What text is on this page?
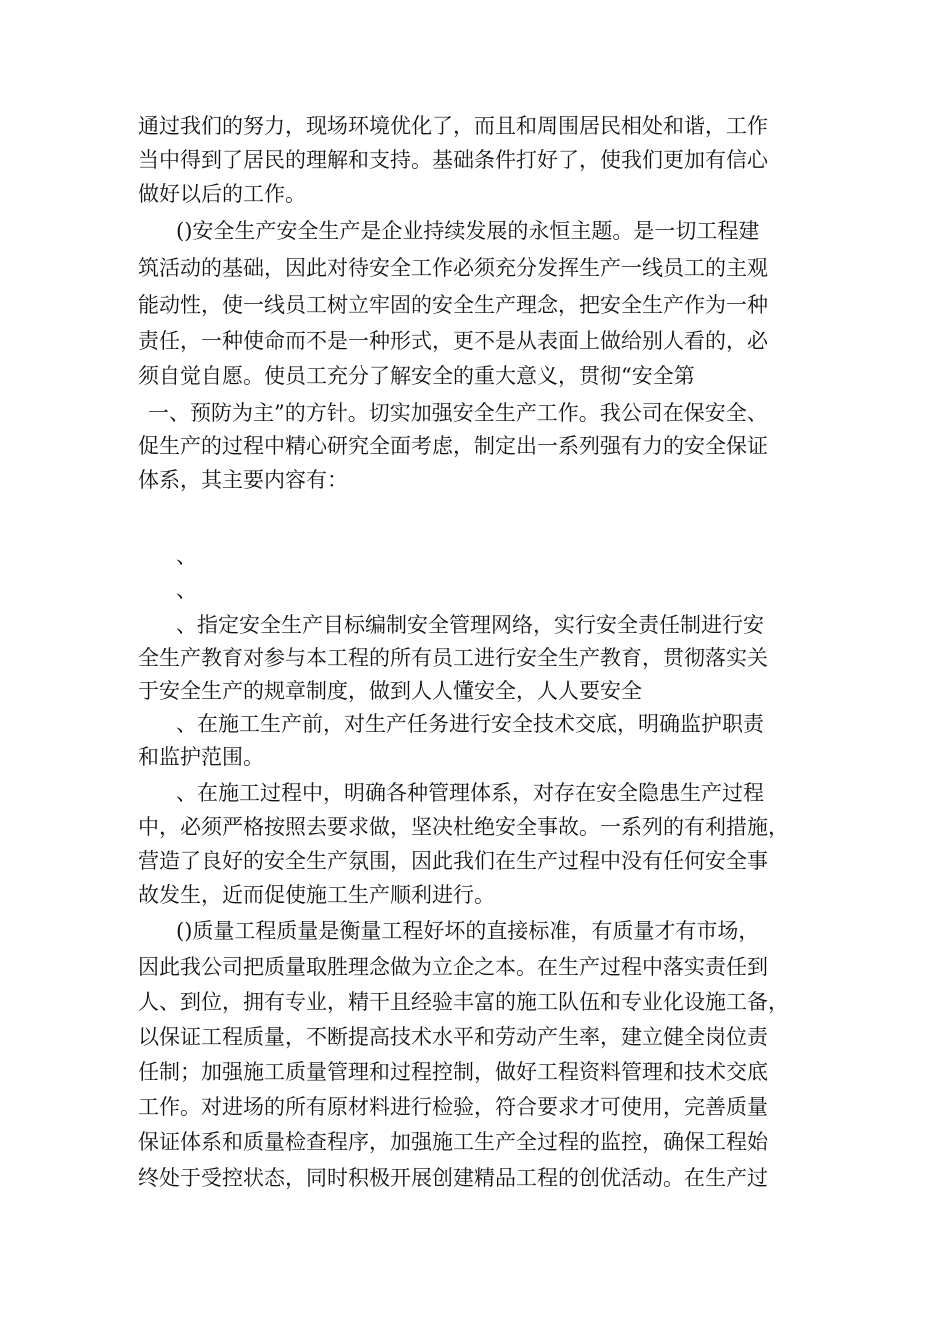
通过我们的努力，现场环境优化了，而且和周围居民相处和谐，工作
当中得到了居民的理解和支持。基础条件打好了，使我们更加有信心
做好以后的工作。
()安全生产安全生产是企业持续发展的永恒主题。是一切工程建
筑活动的基础，因此对待安全工作必须充分发挥生产一线员工的主观
能动性，使一线员工树立牢固的安全生产理念，把安全生产作为一种
责任，一种使命而不是一种形式，更不是从表面上做给别人看的，必
须自觉自愿。使员工充分了解安全的重大意义，贯彻“安全第
一、预防为主”的方针。切实加强安全生产工作。我公司在保安全、
促生产的过程中精心研究全面考虑，制定出一系列强有力的安全保证
体系，其主要内容有：
、
、
、指定安全生产目标编制安全管理网络，实行安全责任制进行安
全生产教育对参与本工程的所有员工进行安全生产教育，贯彻落实关
于安全生产的规章制度，做到人人懂安全，人人要安全
、在施工生产前，对生产任务进行安全技术交底，明确监护职责
和监护范围。
、在施工过程中，明确各种管理体系，对存在安全隐患生产过程
中，必须严格按照去要求做，坚决杜绝安全事故。一系列的有利措施，
营造了良好的安全生产氛围，因此我们在生产过程中没有任何安全事
故发生，近而促使施工生产顺利进行。
()质量工程质量是衡量工程好坏的直接标准，有质量才有市场，
因此我公司把质量取胜理念做为立企之本。在生产过程中落实责任到
人、到位，拥有专业，精干且经验丰富的施工队伍和专业化设施工备，
以保证工程质量，不断提高技术水平和劳动产生率，建立健全岗位责
任制；加强施工质量管理和过程控制，做好工程资料管理和技术交底
工作。对进场的所有原材料进行检验，符合要求才可使用，完善质量
保证体系和质量检查程序，加强施工生产全过程的监控，确保工程始
终处于受控状态，同时积极开展创建精品工程的创优活动。在生产过
